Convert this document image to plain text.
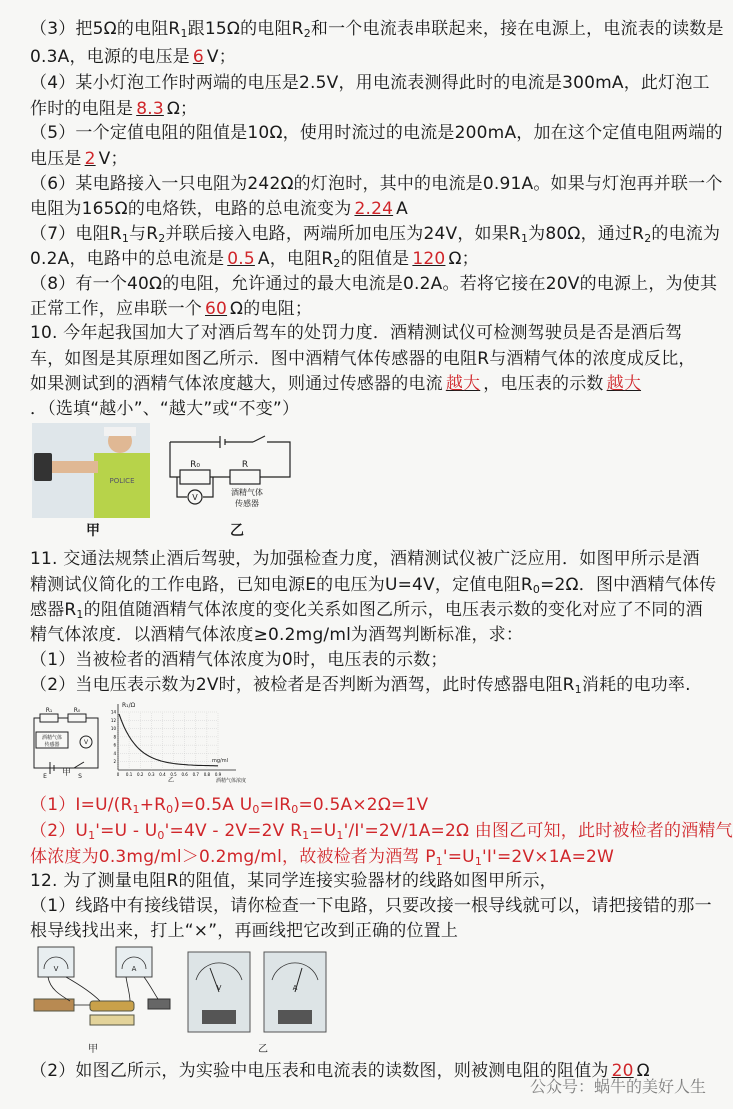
（3）把5Ω的电阻$R_1$跟15Ω的电阻$R_2$和一个电流表串联起来，接在电源上，电流表的读数是
0.3A，电源的电压是 6 V；
（4）某小灯泡工作时两端的电压是2.5V，用电流表测得此时的电流是300mA，此灯泡工
作时的电阻是 8.3 Ω；
（5）一个定值电阻的阻值是10Ω，使用时流过的电流是200mA，加在这个定值电阻两端的
电压是 2 V；
（6）某电路接入一只电阻为242Ω的灯泡时，其中的电流是0.91A。如果与灯泡再并联一个
电阻为165Ω的电烙铁，电路的总电流变为 2.24 A
（7）电阻$R_1$与$R_2$并联后接入电路，两端所加电压为24V，如果$R_1$为80Ω，通过$R_2$的电流为
0.2A，电路中的总电流是 0.5 A，电阻$R_2$的阻值是 120 Ω；
（8）有一个40Ω的电阻，允许通过的最大电流是0.2A。若将它接在20V的电源上，为使其
正常工作，应串联一个 60 Ω的电阻；
10. 今年起我国加大了对酒后驾车的处罚力度．酒精测试仪可检测驾驶员是否是酒后驾
车，如图是其原理如图乙所示．图中酒精气体传感器的电阻R与酒精气体的浓度成反比，
如果测试到的酒精气体浓度越大，则通过传感器的电流 越大 ，电压表的示数 越大
．（选填“越小”、“越大”或“不变”）
POLICE
甲
R₀	R
V
酒精气体
传感器
乙
11. 交通法规禁止酒后驾驶，为加强检查力度，酒精测试仪被广泛应用．如图甲所示是酒
精测试仪简化的工作电路，已知电源E的电压为U=4V，定值电阻$R_0=2\Omega$．图中酒精气体传
感器$R_1$的阻值随酒精气体浓度的变化关系如图乙所示，电压表示数的变化对应了不同的酒
精气体浓度．以酒精气体浓度≥0.2mg/ml为酒驾判断标准，求：
（1）当被检者的酒精气体浓度为0时，电压表的示数；
（2）当电压表示数为2V时，被检者是否判断为酒驾，此时传感器电阻$R_1$消耗的电功率.
R₁	R₀
酒精气体
传感器	V
E	S
甲	0 0.1 0.2 0.3 0.4 0.5 0.6 0.7 0.8 0.9
2
4
6
8
10
12
14
R₁/Ω
mg/ml
酒精气体浓度
乙
$(1)I=U/(R_1+R_0)=0.5A$ $U_0=IR_0=0.5A\times 2\Omega=1V$
$(2)U_1'=U - U_0'=4V - 2V=2V$ $R_1=U_1'/I'=2V/1A=2\Omega$ 由图乙可知，此时被检者的酒精气
体浓度为0.3mg/ml＞0.2mg/ml，故被检者为酒驾 $P_1'=U_1'I'=2V\times 1A=2W$
12. 为了测量电阻R的阻值，某同学连接实验器材的线路如图甲所示，
（1）线路中有接线错误，请你检查一下电路，只要改接一根导线就可以，请把接错的那一
根导线找出来，打上“×”，再画线把它改到正确的位置上
V	A
甲
V	A
乙
（2）如图乙所示，为实验中电压表和电流表的读数图，则被测电阻的阻值为 20 Ω
公众号：蜗牛的美好人生
